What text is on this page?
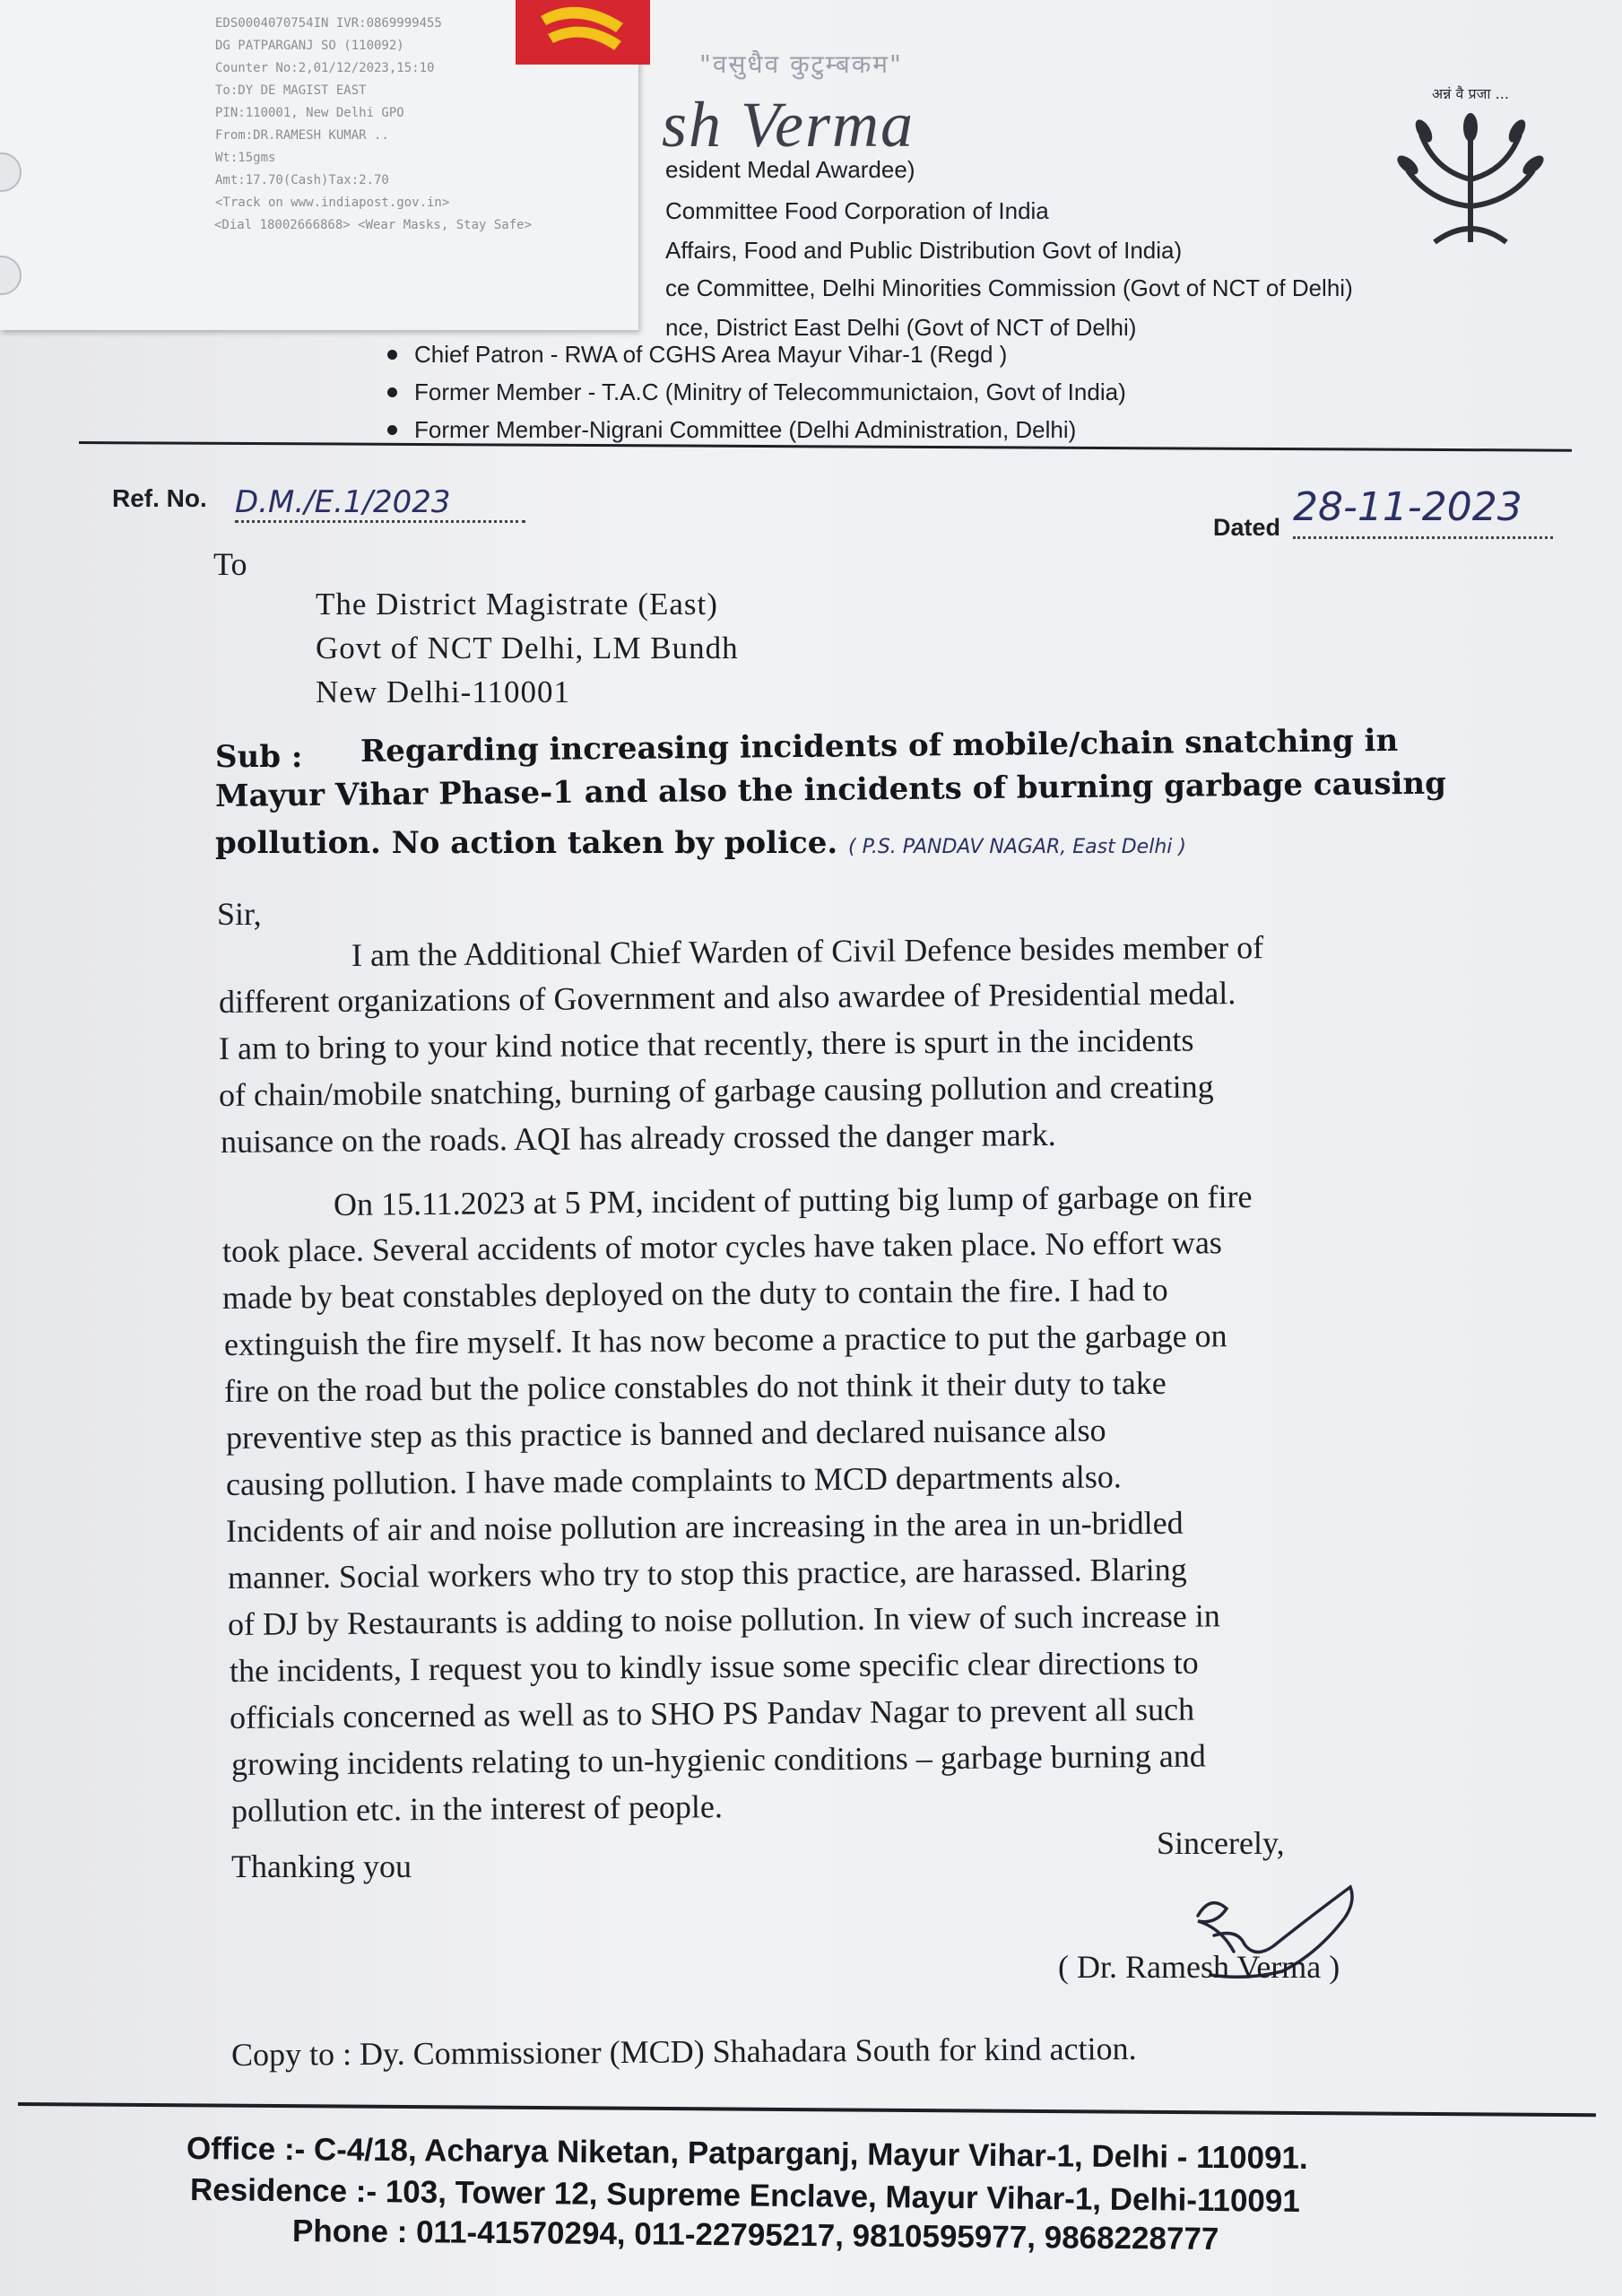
EDS0004070754IN IVR:0869999455
DG PATPARGANJ SO (110092)
Counter No:2,01/12/2023,15:10
To:DY DE MAGIST EAST
PIN:110001, New Delhi GPO
From:DR.RAMESH KUMAR ..
Wt:15gms
Amt:17.70(Cash)Tax:2.70
<Track on www.indiapost.gov.in>
<Dial 18002666868> <Wear Masks, Stay Safe>
"वसुधैव कुटुम्बकम"
sh Verma
esident Medal Awardee)
Committee Food Corporation of India
Affairs, Food and Public Distribution Govt of India)
ce Committee, Delhi Minorities Commission (Govt of NCT of Delhi)
nce, District East Delhi (Govt of NCT of Delhi)
Chief Patron - RWA of CGHS Area Mayur Vihar-1 (Regd )
Former Member - T.A.C (Minitry of Telecommunictaion, Govt of India)
Former Member-Nigrani Committee (Delhi Administration, Delhi)
अन्नं वै प्रजा ...
Ref. No. D.M./E.1/2023
Dated 28-11-2023
To
The District Magistrate (East)
Govt of NCT Delhi, LM Bundh
New Delhi-110001
Sub : Regarding increasing incidents of mobile/chain snatching in
Mayur Vihar Phase-1 and also the incidents of burning garbage causing
pollution. No action taken by police. ( P.S. PANDAV NAGAR, East Delhi )
Sir,
I am the Additional Chief Warden of Civil Defence besides member of
different organizations of Government and also awardee of Presidential medal.
I am to bring to your kind notice that recently, there is spurt in the incidents
of chain/mobile snatching, burning of garbage causing pollution and creating
nuisance on the roads. AQI has already crossed the danger mark.
On 15.11.2023 at 5 PM, incident of putting big lump of garbage on fire
took place. Several accidents of motor cycles have taken place. No effort was
made by beat constables deployed on the duty to contain the fire. I had to
extinguish the fire myself. It has now become a practice to put the garbage on
fire on the road but the police constables do not think it their duty to take
preventive step as this practice is banned and declared nuisance also
causing pollution. I have made complaints to MCD departments also.
Incidents of air and noise pollution are increasing in the area in un-bridled
manner. Social workers who try to stop this practice, are harassed. Blaring
of DJ by Restaurants is adding to noise pollution. In view of such increase in
the incidents, I request you to kindly issue some specific clear directions to
officials concerned as well as to SHO PS Pandav Nagar to prevent all such
growing incidents relating to un-hygienic conditions – garbage burning and
pollution etc. in the interest of people.
Sincerely,
Thanking you
( Dr. Ramesh Verma )
Copy to : Dy. Commissioner (MCD) Shahadara South for kind action.
Office :- C-4/18, Acharya Niketan, Patparganj, Mayur Vihar-1, Delhi - 110091.
Residence :- 103, Tower 12, Supreme Enclave, Mayur Vihar-1, Delhi-110091
Phone : 011-41570294, 011-22795217, 9810595977, 9868228777
